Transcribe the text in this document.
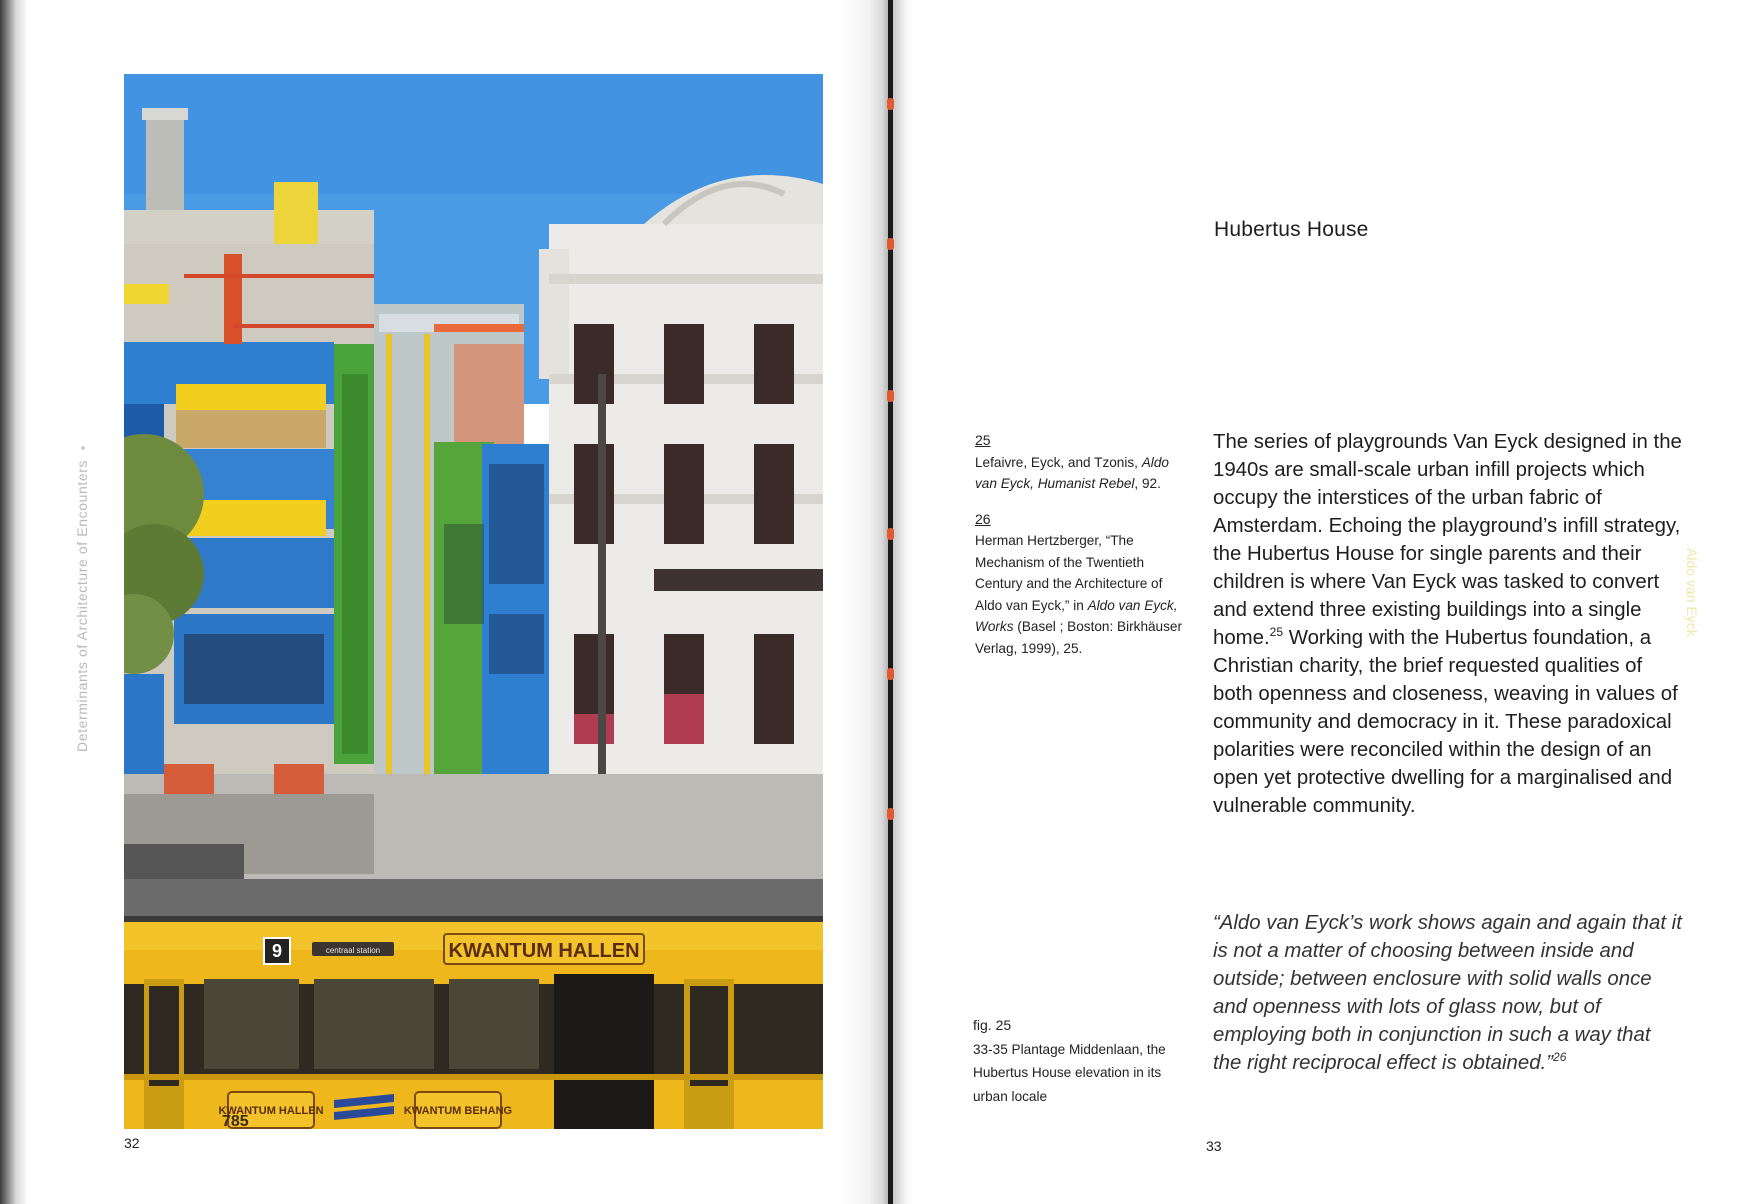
Determinants of Architecture of Encounters
9	centraal station	KWANTUM HALLEN
KWANTUM HALLEN	KWANTUM BEHANG
785
32
Aldo van Eyck
Hubertus House
25
Lefaivre, Eyck, and Tzonis, Aldo van Eyck, Humanist Rebel, 92.
26
Herman Hertzberger, “The Mechanism of the Twentieth Century and the Architecture of Aldo van Eyck,” in Aldo van Eyck, Works (Basel ; Boston: Birkhäuser Verlag, 1999), 25.
The series of playgrounds Van Eyck designed in the 1940s are small-scale urban infill projects which occupy the interstices of the urban fabric of Amsterdam. Echoing the playground’s infill strategy, the Hubertus House for single parents and their children is where Van Eyck was tasked to convert and extend three existing buildings into a single home.$^{25}$ Working with the Hubertus foundation, a Christian charity, the brief requested qualities of both openness and closeness, weaving in values of community and democracy in it. These paradoxical polarities were reconciled within the design of an open yet protective dwelling for a marginalised and vulnerable community.
“Aldo van Eyck’s work shows again and again that it is not a matter of choosing between inside and outside; between enclosure with solid walls once and openness with lots of glass now, but of employing both in conjunction in such a way that the right reciprocal effect is obtained.”$^{26}$
fig. 25
33-35 Plantage Middenlaan, the Hubertus House elevation in its urban locale
33
